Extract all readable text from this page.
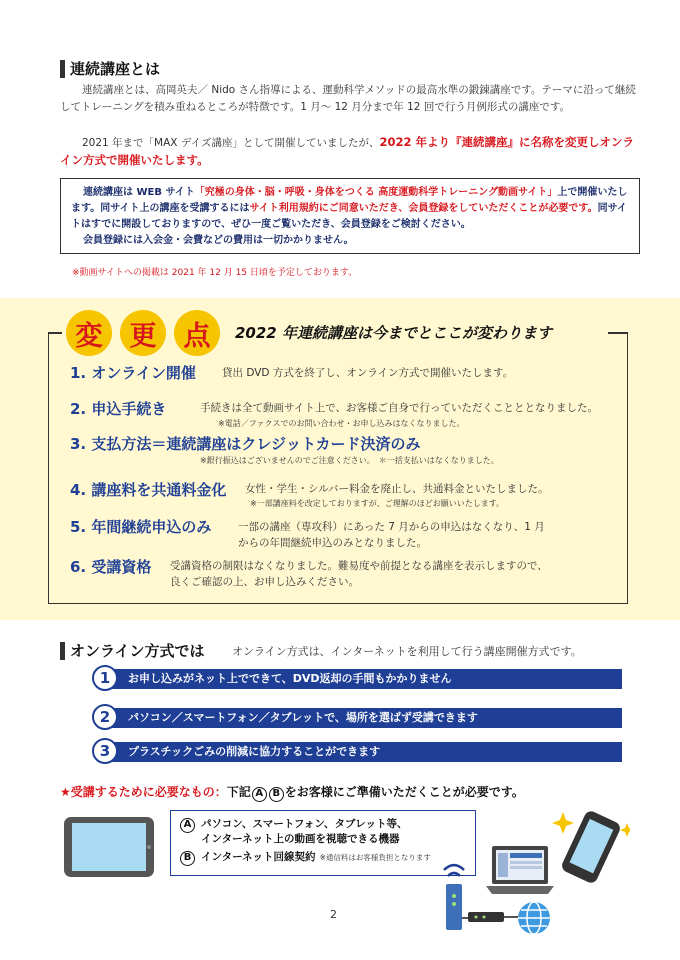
連続講座とは
連続講座とは、高岡英夫／ Nido さん指導による、運動科学メソッドの最高水準の鍛錬講座です。テーマに沿って継続してトレーニングを積み重ねるところが特徴です。1 月〜 12 月分まで年 12 回で行う月例形式の講座です。
2021 年まで「MAX デイズ講座」として開催していましたが、2022 年より『連続講座』に名称を変更しオンライン方式で開催いたします。
連続講座は WEB サイト「究極の身体・脳・呼吸・身体をつくる 高度運動科学トレーニング動画サイト」上で開催いたします。同サイト上の講座を受講するにはサイト利用規約にご同意いただき、会員登録をしていただくことが必要です。同サイトはすでに開設しておりますので、ぜひ一度ご覧いただき、会員登録をご検討ください。
会員登録には入会金・会費などの費用は一切かかりません。
※動画サイトへの掲載は 2021 年 12 月 15 日頃を予定しております。
変	更	点	2022 年連続講座は今までとここが変わります
1. オンライン開催 貸出 DVD 方式を終了し、オンライン方式で開催いたします。
2. 申込手続き	手続きは全て動画サイト上で、お客様ご自身で行っていただくことととなりました。
※電話／ファクスでのお問い合わせ・お申し込みはなくなりました。
3. 支払方法＝連続講座はクレジットカード決済のみ
※銀行振込はございませんのでご注意ください。　＊一括支払いはなくなりました。
4. 講座料を共通料金化 女性・学生・シルバー料金を廃止し、共通料金といたしました。
※一部講座料を改定しておりますが、ご理解のほどお願いいたします。
5. 年間継続申込のみ	一部の講座（専攻科）にあった 7 月からの申込はなくなり、1 月
からの年間継続申込のみとなりました。
6. 受講資格 受講資格の制限はなくなりました。難易度や前提となる講座を表示しますので、
良くご確認の上、お申し込みください。
オンライン方式では オンライン方式は、インターネットを利用して行う講座開催方式です。
1	お申し込みがネット上でできて、DVD返却の手間もかかりません
2	パソコン／スマートフォン／タブレットで、場所を選ばず受講できます
3	プラスチックごみの削減に協力することができます
★受講するために必要なもの：下記 A B をお客様にご準備いただくことが必要です。
A パソコン、スマートフォン、タブレット等、
インターネット上の動画を視聴できる機器
B インターネット回線契約 ※通信料はお客様負担となります
2
